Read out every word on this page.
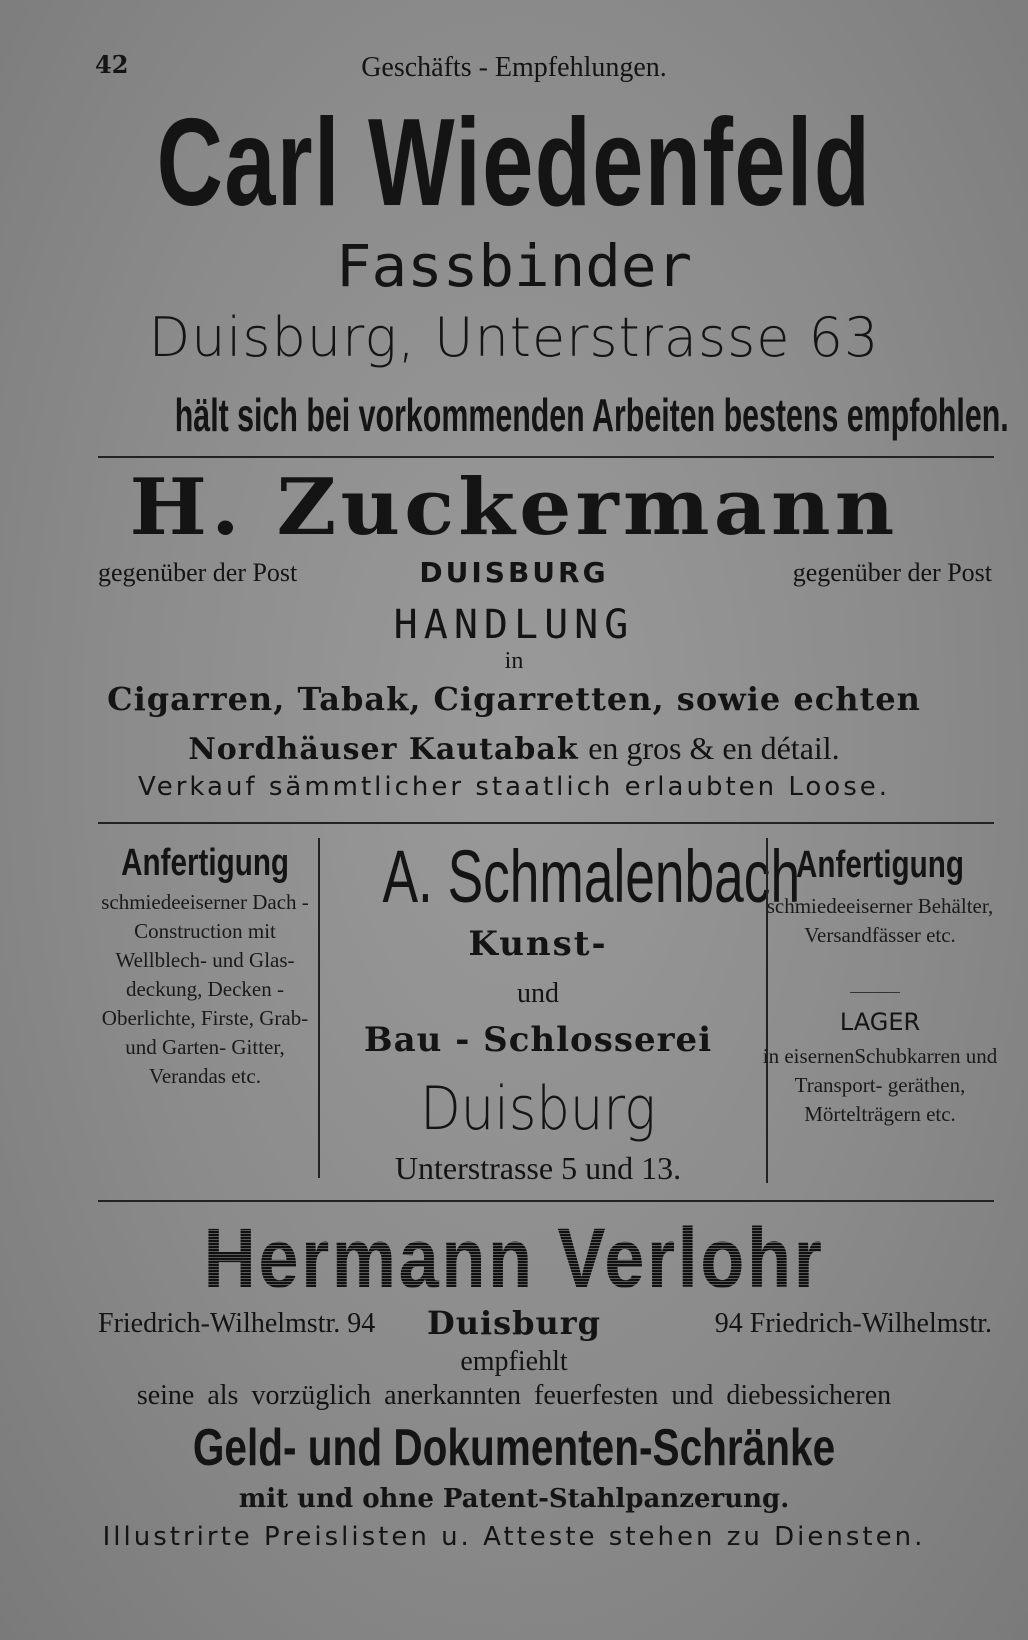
42	Geschäfts - Empfehlungen.
Carl Wiedenfeld
Fassbinder
Duisburg, Unterstrasse 63
hält sich bei vorkommenden Arbeiten bestens empfohlen.
H. Zuckermann
gegenüber der Post	DUISBURG	gegenüber der Post
HANDLUNG
in
Cigarren, Tabak, Cigarretten, sowie echten
Nordhäuser Kautabak en gros & en détail.
Verkauf sämmtlicher staatlich erlaubten Loose.
Anfertigung
schmiedeeiserner Dach - Construction mit Wellblech- und Glas- deckung, Decken -Oberlichte, Firste, Grab- und Garten- Gitter, Verandas etc.
A. Schmalenbach
Kunst-
und
Bau - Schlosserei
Duisburg
Unterstrasse 5 und 13.
Anfertigung
schmiedeeiserner Behälter, Versandfässer etc.
LAGER
in eisernenSchubkarren und Transport- geräthen, Mörtelträgern etc.
Hermann Verlohr
Friedrich-Wilhelmstr. 94	Duisburg	94 Friedrich-Wilhelmstr.
empfiehlt
seine als vorzüglich anerkannten feuerfesten und diebessicheren
Geld- und Dokumenten-Schränke
mit und ohne Patent-Stahlpanzerung.
Illustrirte Preislisten u. Atteste stehen zu Diensten.
